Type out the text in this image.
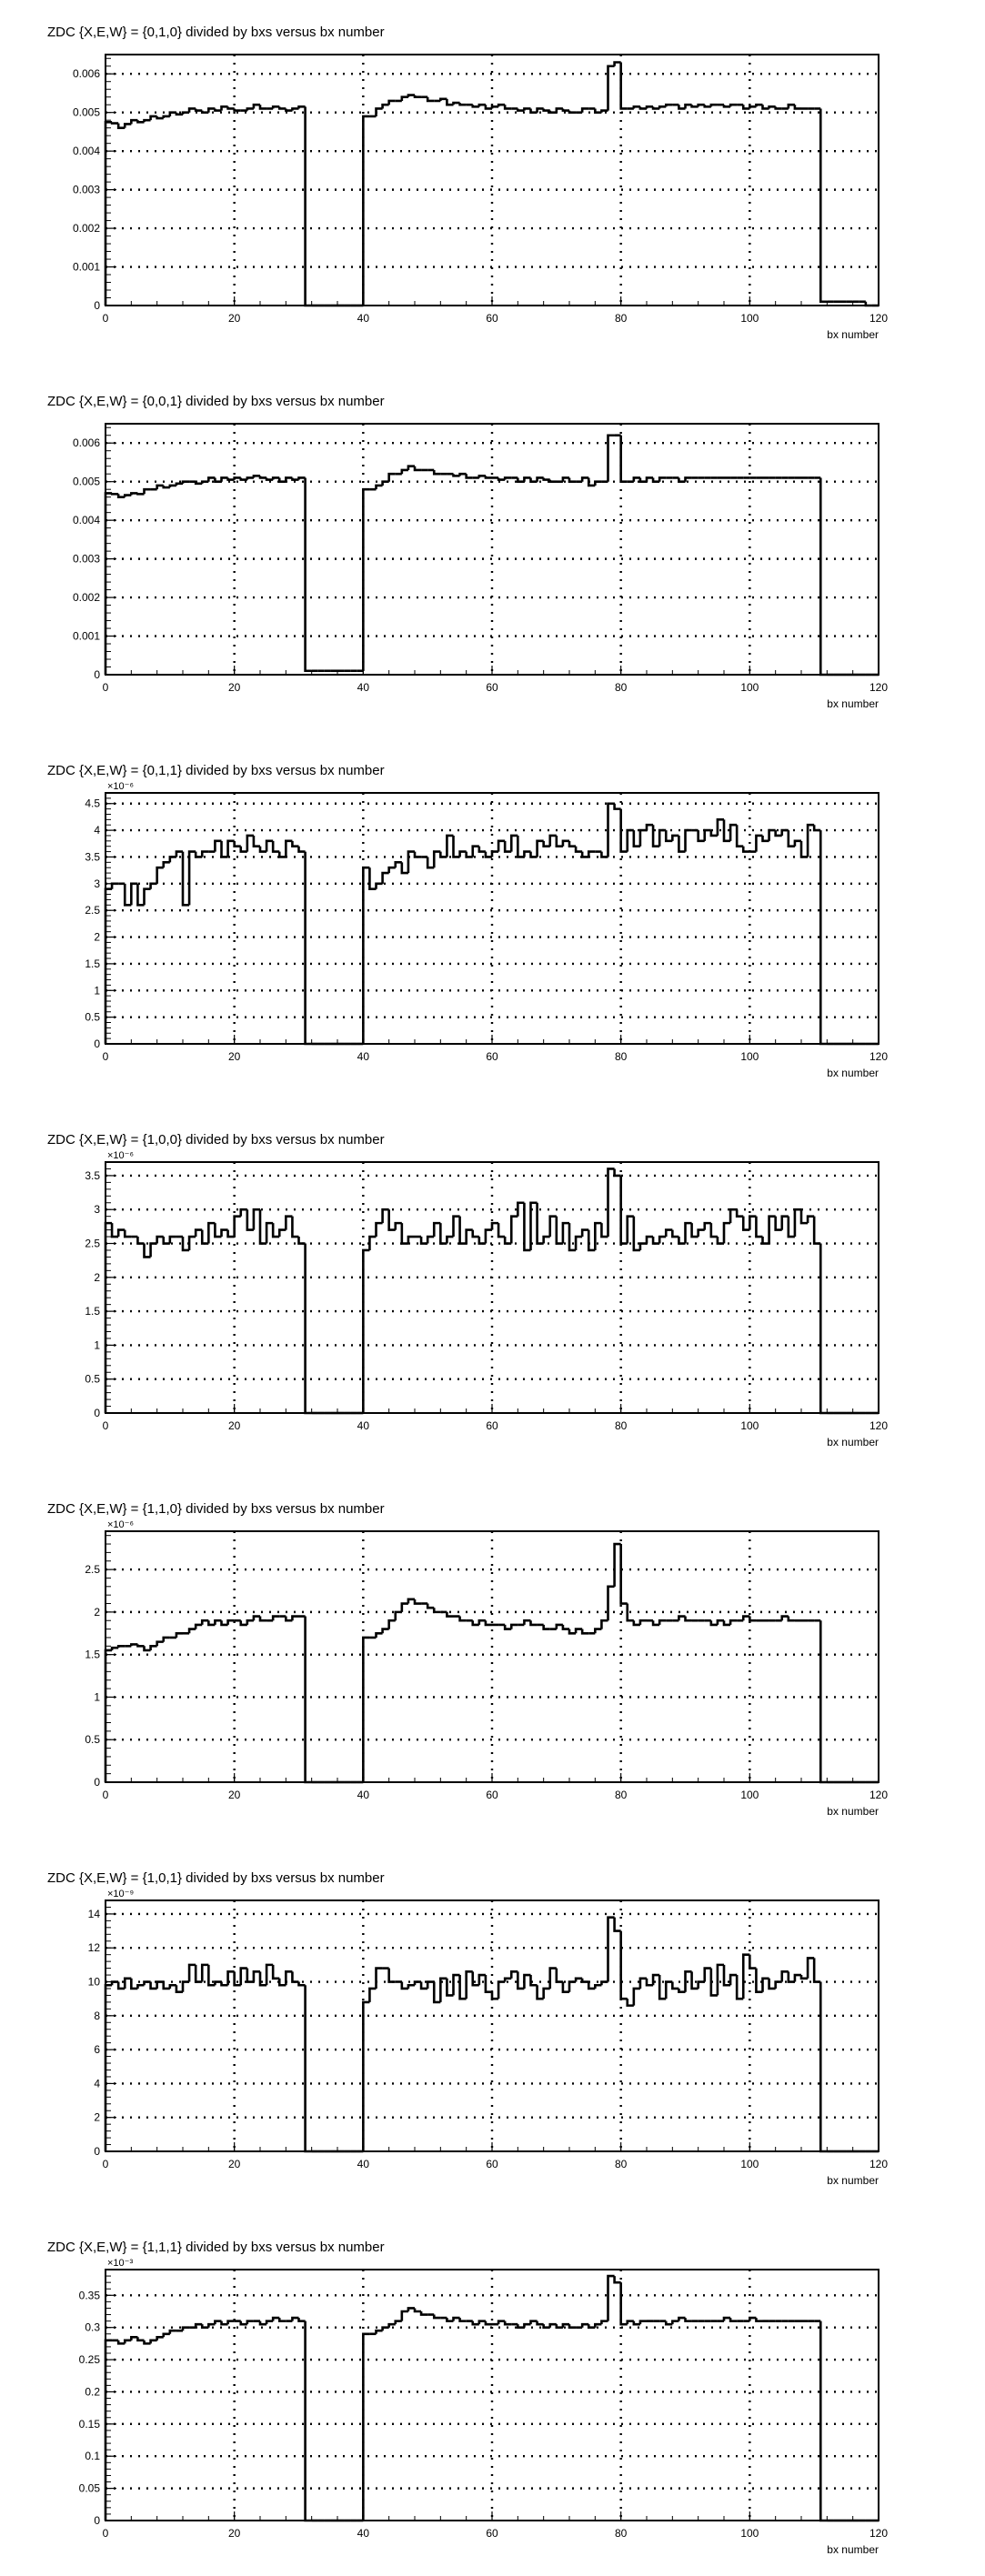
ZDC {X,E,W} = {0,1,0} divided by bxs versus bx number
0
0.001
0.002
0.003
0.004
0.005
0.006
0	20	40	60	80	100	120
bx number
ZDC {X,E,W} = {0,0,1} divided by bxs versus bx number
0
0.001
0.002
0.003
0.004
0.005
0.006
0	20	40	60	80	100	120
bx number
ZDC {X,E,W} = {0,1,1} divided by bxs versus bx number
0
0.5
1
1.5
2
2.5
3
3.5
4
4.5
0	20	40	60	80	100	120
bx number
×10⁻⁶
ZDC {X,E,W} = {1,0,0} divided by bxs versus bx number
0
0.5
1
1.5
2
2.5
3
3.5
0	20	40	60	80	100	120
bx number
×10⁻⁶
ZDC {X,E,W} = {1,1,0} divided by bxs versus bx number
0
0.5
1
1.5
2
2.5
0	20	40	60	80	100	120
bx number
×10⁻⁶
ZDC {X,E,W} = {1,0,1} divided by bxs versus bx number
0
2
4
6
8
10
12
14
0	20	40	60	80	100	120
bx number
×10⁻⁹
ZDC {X,E,W} = {1,1,1} divided by bxs versus bx number
0
0.05
0.1
0.15
0.2
0.25
0.3
0.35
0	20	40	60	80	100	120
bx number
×10⁻³
